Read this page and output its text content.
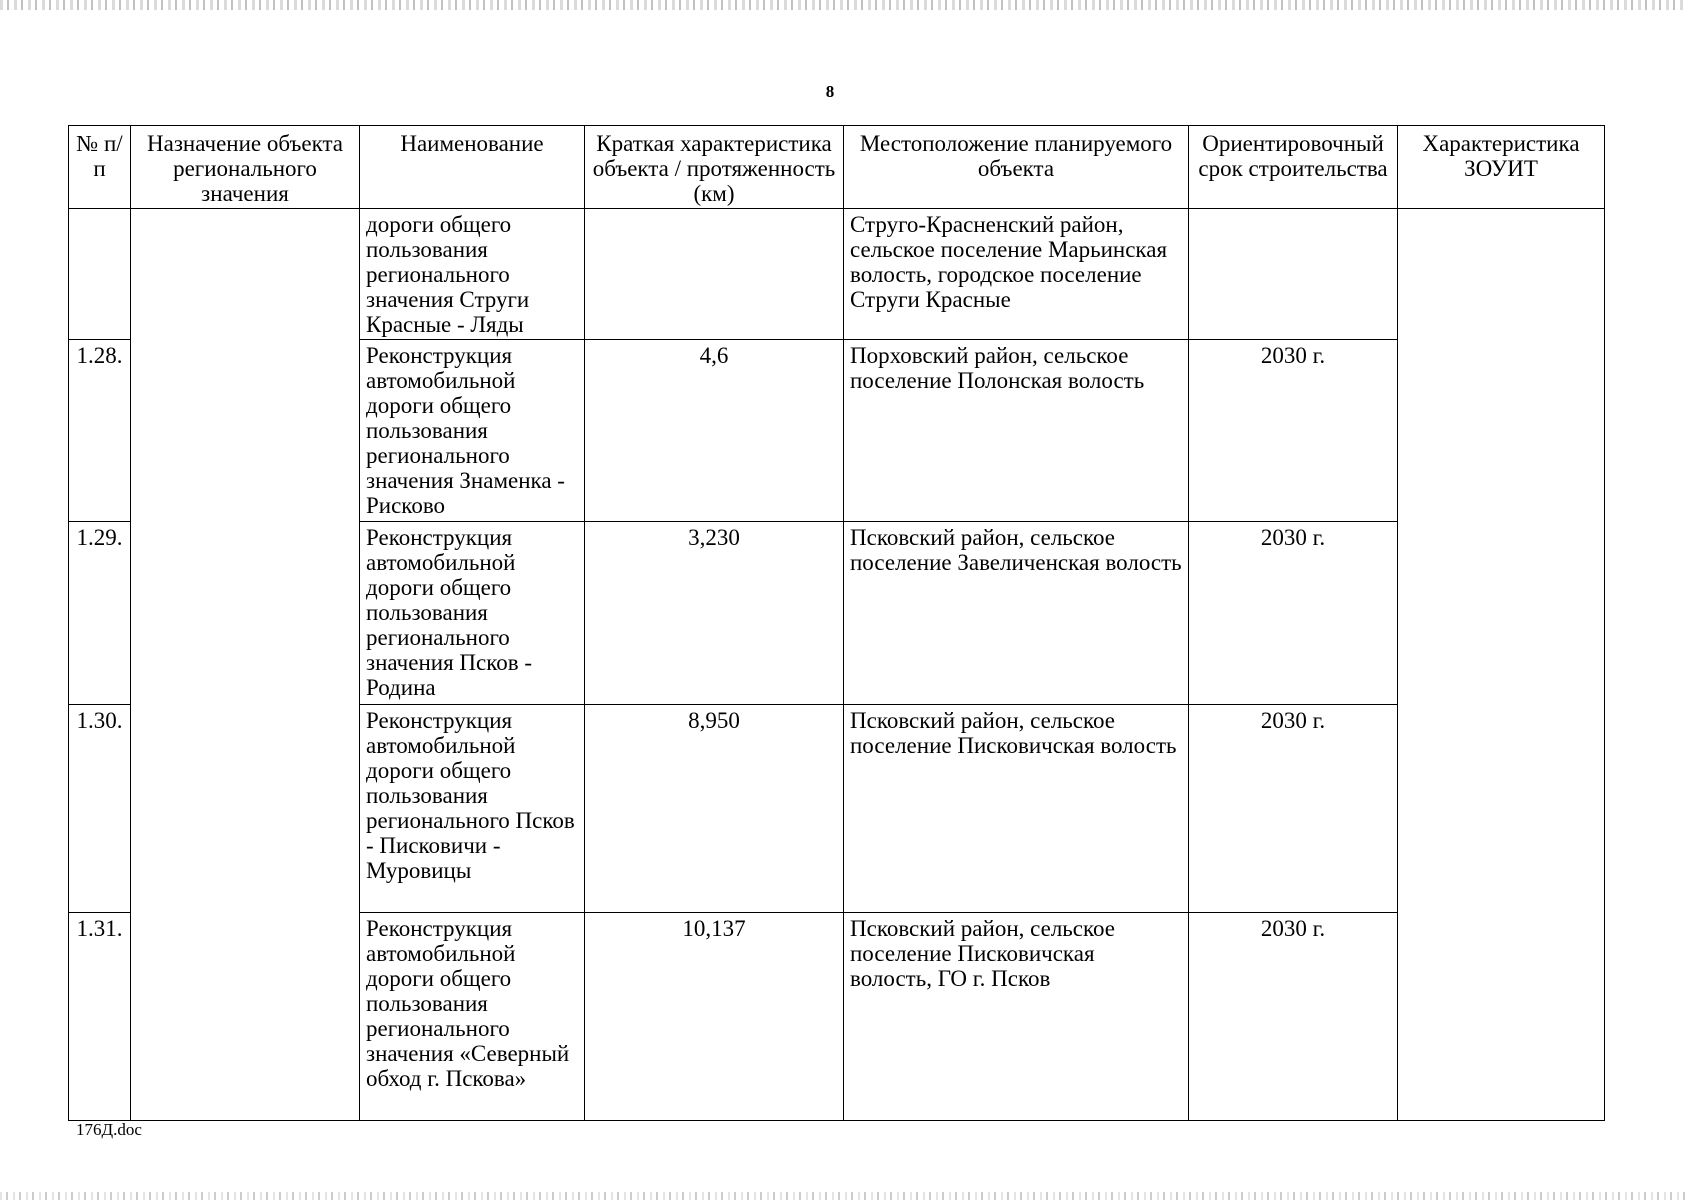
8
№ п/п	Назначение объекта регионального значения	Наименование	Краткая характеристика объекта / протяженность (км)	Местоположение планируемого объекта	Ориентировочный срок строительства	Характеристика ЗОУИТ
		дороги общего пользования регионального значения Струги Красные - Ляды		Струго-Красненский район, сельское поселение Марьинская волость, городское поселение Струги Красные		
1.28.		Реконструкция автомобильной дороги общего пользования регионального значения Знаменка - Рисково	4,6	Порховский район, сельское поселение Полонская волость	2030 г.	
1.29.		Реконструкция автомобильной дороги общего пользования регионального значения Псков - Родина	3,230	Псковский район, сельское поселение Завеличенская волость	2030 г.	
1.30.		Реконструкция автомобильной дороги общего пользования регионального Псков - Писковичи - Муровицы	8,950	Псковский район, сельское поселение Писковичская волость	2030 г.	
1.31.		Реконструкция автомобильной дороги общего пользования регионального значения «Северный обход г. Пскова»	10,137	Псковский район, сельское поселение Писковичская волость, ГО г. Псков	2030 г.	
176Д.doc
